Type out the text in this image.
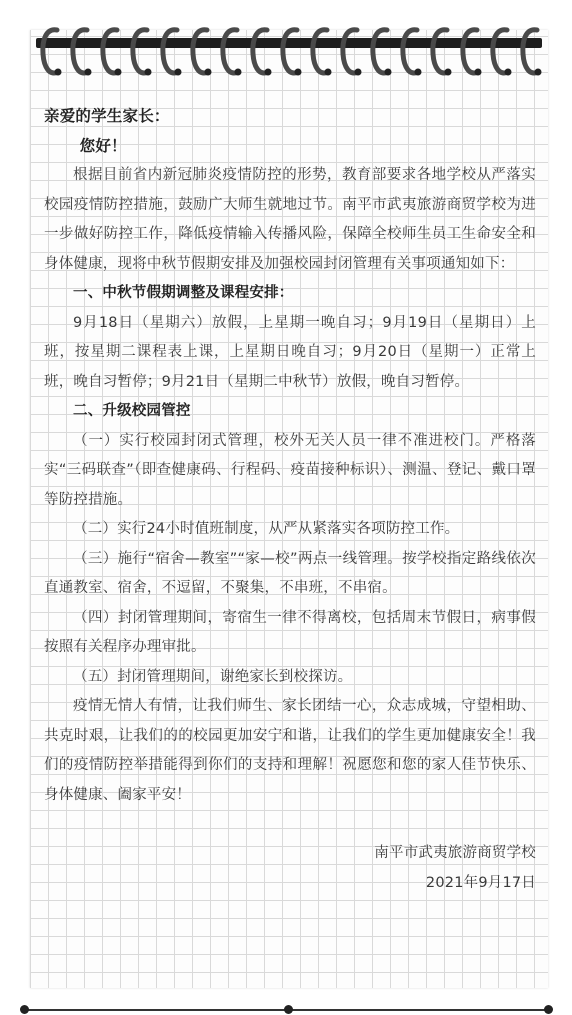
亲爱的学生家长：

您好！

根据目前省内新冠肺炎疫情防控的形势，教育部要求各地学校从严落实校园疫情防控措施，鼓励广大师生就地过节。南平市武夷旅游商贸学校为进一步做好防控工作，降低疫情输入传播风险，保障全校师生员工生命安全和身体健康，现将中秋节假期安排及加强校园封闭管理有关事项通知如下：

一、中秋节假期调整及课程安排：

9月18日（星期六）放假，上星期一晚自习；9月19日（星期日）上班，按星期二课程表上课，上星期日晚自习；9月20日（星期一）正常上班，晚自习暂停；9月21日（星期二中秋节）放假，晚自习暂停。

二、升级校园管控

（一）实行校园封闭式管理，校外无关人员一律不准进校门。严格落实“三码联查”（即查健康码、行程码、疫苗接种标识）、测温、登记、戴口罩等防控措施。

（二）实行24小时值班制度，从严从紧落实各项防控工作。

（三）施行“宿舍—教室”“家—校”两点一线管理。按学校指定路线依次直通教室、宿舍，不逗留，不聚集，不串班，不串宿。

（四）封闭管理期间，寄宿生一律不得离校，包括周末节假日，病事假按照有关程序办理审批。

（五）封闭管理期间，谢绝家长到校探访。

疫情无情人有情，让我们师生、家长团结一心，众志成城，守望相助、共克时艰，让我们的的校园更加安宁和谐，让我们的学生更加健康安全！我们的疫情防控举措能得到你们的支持和理解！祝愿您和您的家人佳节快乐、身体健康、阖家平安！

南平市武夷旅游商贸学校

2021年9月17日
